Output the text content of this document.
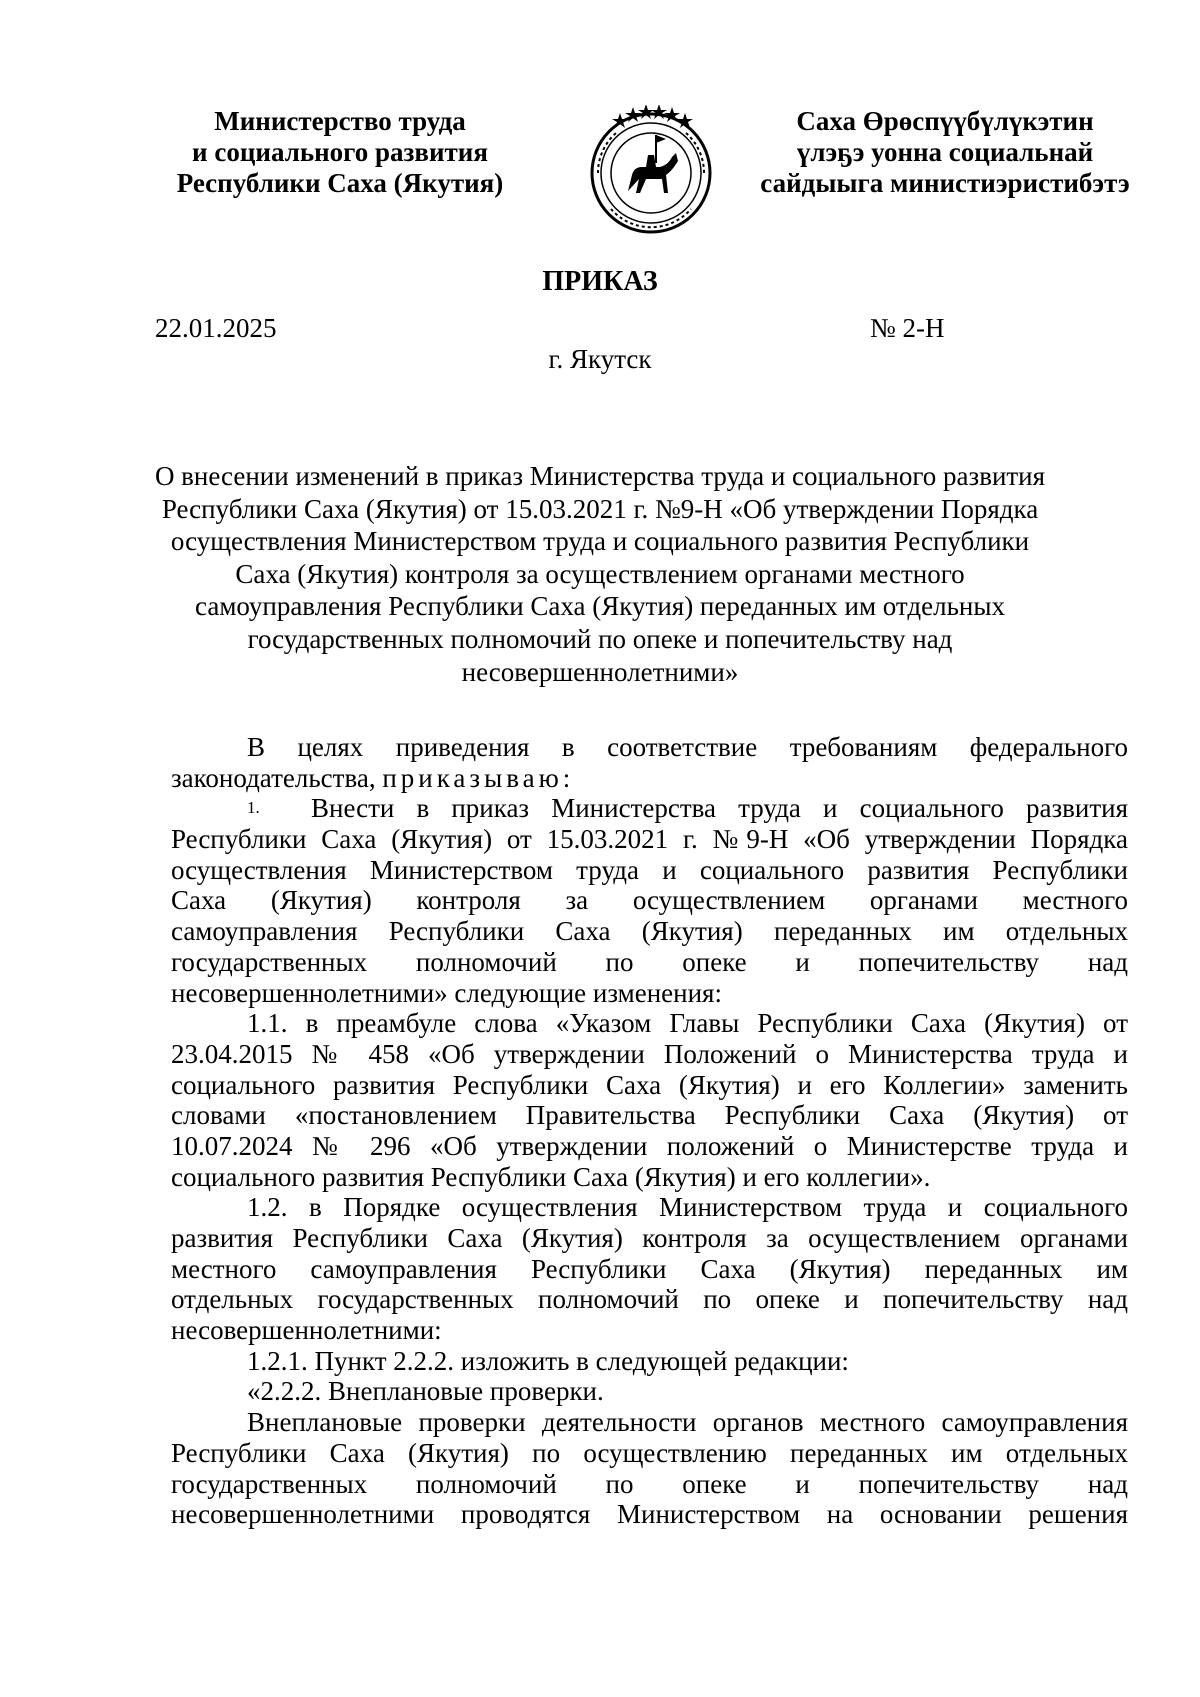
Министерство труда
и социального развития
Республики Саха (Якутия)
Саха Өрөспүүбүлүкэтин
үлэҕэ уонна социальнай
сайдыыга министиэристибэтэ
ПРИКАЗ
22.01.2025	№ 2-Н
г. Якутск
О внесении изменений в приказ Министерства труда и социального развития
Республики Саха (Якутия) от 15.03.2021 г. №9-Н «Об утверждении Порядка
осуществления Министерством труда и социального развития Республики
Саха (Якутия) контроля за осуществлением органами местного
самоуправления Республики Саха (Якутия) переданных им отдельных
государственных полномочий по опеке и попечительству над
несовершеннолетними»
В целях приведения в соответствие требованиям федерального
законодательства, приказываю:
1.	Внести в приказ Министерства труда и социального развития
Республики Саха (Якутия) от 15.03.2021 г. №9-Н «Об утверждении Порядка
осуществления Министерством труда и социального развития Республики
Саха (Якутия) контроля за осуществлением органами местного
самоуправления Республики Саха (Якутия) переданных им отдельных
государственных полномочий по опеке и попечительству над
несовершеннолетними» следующие изменения:
1.1. в преамбуле слова «Указом Главы Республики Саха (Якутия) от
23.04.2015 № 458 «Об утверждении Положений о Министерства труда и
социального развития Республики Саха (Якутия) и его Коллегии» заменить
словами «постановлением Правительства Республики Саха (Якутия) от
10.07.2024 № 296 «Об утверждении положений о Министерстве труда и
социального развития Республики Саха (Якутия) и его коллегии».
1.2. в Порядке осуществления Министерством труда и социального
развития Республики Саха (Якутия) контроля за осуществлением органами
местного самоуправления Республики Саха (Якутия) переданных им
отдельных государственных полномочий по опеке и попечительству над
несовершеннолетними:
1.2.1. Пункт 2.2.2. изложить в следующей редакции:
«2.2.2. Внеплановые проверки.
Внеплановые проверки деятельности органов местного самоуправления
Республики Саха (Якутия) по осуществлению переданных им отдельных
государственных полномочий по опеке и попечительству над
несовершеннолетними проводятся Министерством на основании решения
